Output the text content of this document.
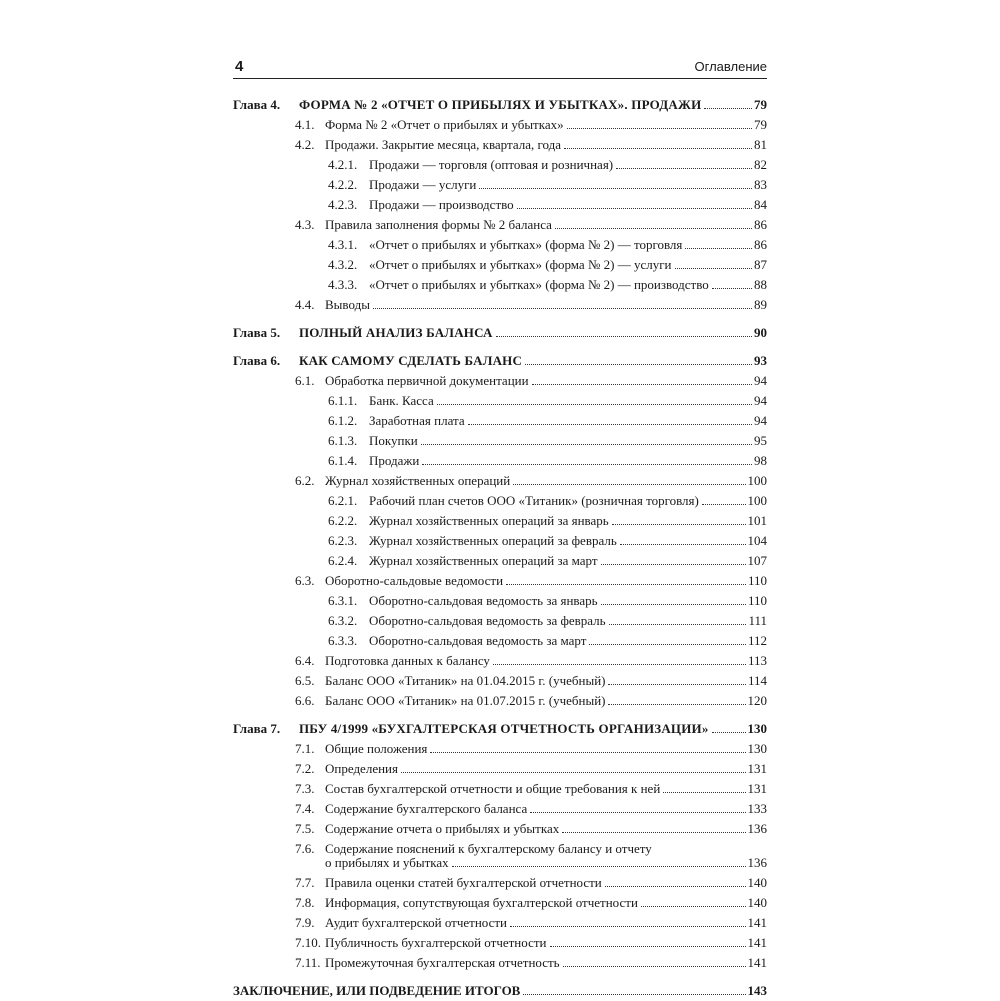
4	Оглавление
Глава 4. ФОРМА № 2 «ОТЧЕТ О ПРИБЫЛЯХ И УБЫТКАХ». ПРОДАЖИ	79
4.1. Форма № 2 «Отчет о прибылях и убытках»	79
4.2. Продажи. Закрытие месяца, квартала, года	81
4.2.1. Продажи — торговля (оптовая и розничная)	82
4.2.2. Продажи — услуги	83
4.2.3. Продажи — производство	84
4.3. Правила заполнения формы № 2 баланса	86
4.3.1. «Отчет о прибылях и убытках» (форма № 2) — торговля	86
4.3.2. «Отчет о прибылях и убытках» (форма № 2) — услуги	87
4.3.3. «Отчет о прибылях и убытках» (форма № 2) — производство	88
4.4. Выводы	89
Глава 5. ПОЛНЫЙ АНАЛИЗ БАЛАНСА	90
Глава 6. КАК САМОМУ СДЕЛАТЬ БАЛАНС	93
6.1. Обработка первичной документации	94
6.1.1. Банк. Касса	94
6.1.2. Заработная плата	94
6.1.3. Покупки	95
6.1.4. Продажи	98
6.2. Журнал хозяйственных операций	100
6.2.1. Рабочий план счетов ООО «Титаник» (розничная торговля)	100
6.2.2. Журнал хозяйственных операций за январь	101
6.2.3. Журнал хозяйственных операций за февраль	104
6.2.4. Журнал хозяйственных операций за март	107
6.3. Оборотно-сальдовые ведомости	110
6.3.1. Оборотно-сальдовая ведомость за январь	110
6.3.2. Оборотно-сальдовая ведомость за февраль	111
6.3.3. Оборотно-сальдовая ведомость за март	112
6.4. Подготовка данных к балансу	113
6.5. Баланс ООО «Титаник» на 01.04.2015 г. (учебный)	114
6.6. Баланс ООО «Титаник» на 01.07.2015 г. (учебный)	120
Глава 7. ПБУ 4/1999 «БУХГАЛТЕРСКАЯ ОТЧЕТНОСТЬ ОРГАНИЗАЦИИ»	130
7.1. Общие положения	130
7.2. Определения	131
7.3. Состав бухгалтерской отчетности и общие требования к ней	131
7.4. Содержание бухгалтерского баланса	133
7.5. Содержание отчета о прибылях и убытках	136
7.6. Содержание пояснений к бухгалтерскому балансу и отчету
о прибылях и убытках	136
7.7. Правила оценки статей бухгалтерской отчетности	140
7.8. Информация, сопутствующая бухгалтерской отчетности	140
7.9. Аудит бухгалтерской отчетности	141
7.10. Публичность бухгалтерской отчетности	141
7.11. Промежуточная бухгалтерская отчетность	141
ЗАКЛЮЧЕНИЕ, ИЛИ ПОДВЕДЕНИЕ ИТОГОВ	143
